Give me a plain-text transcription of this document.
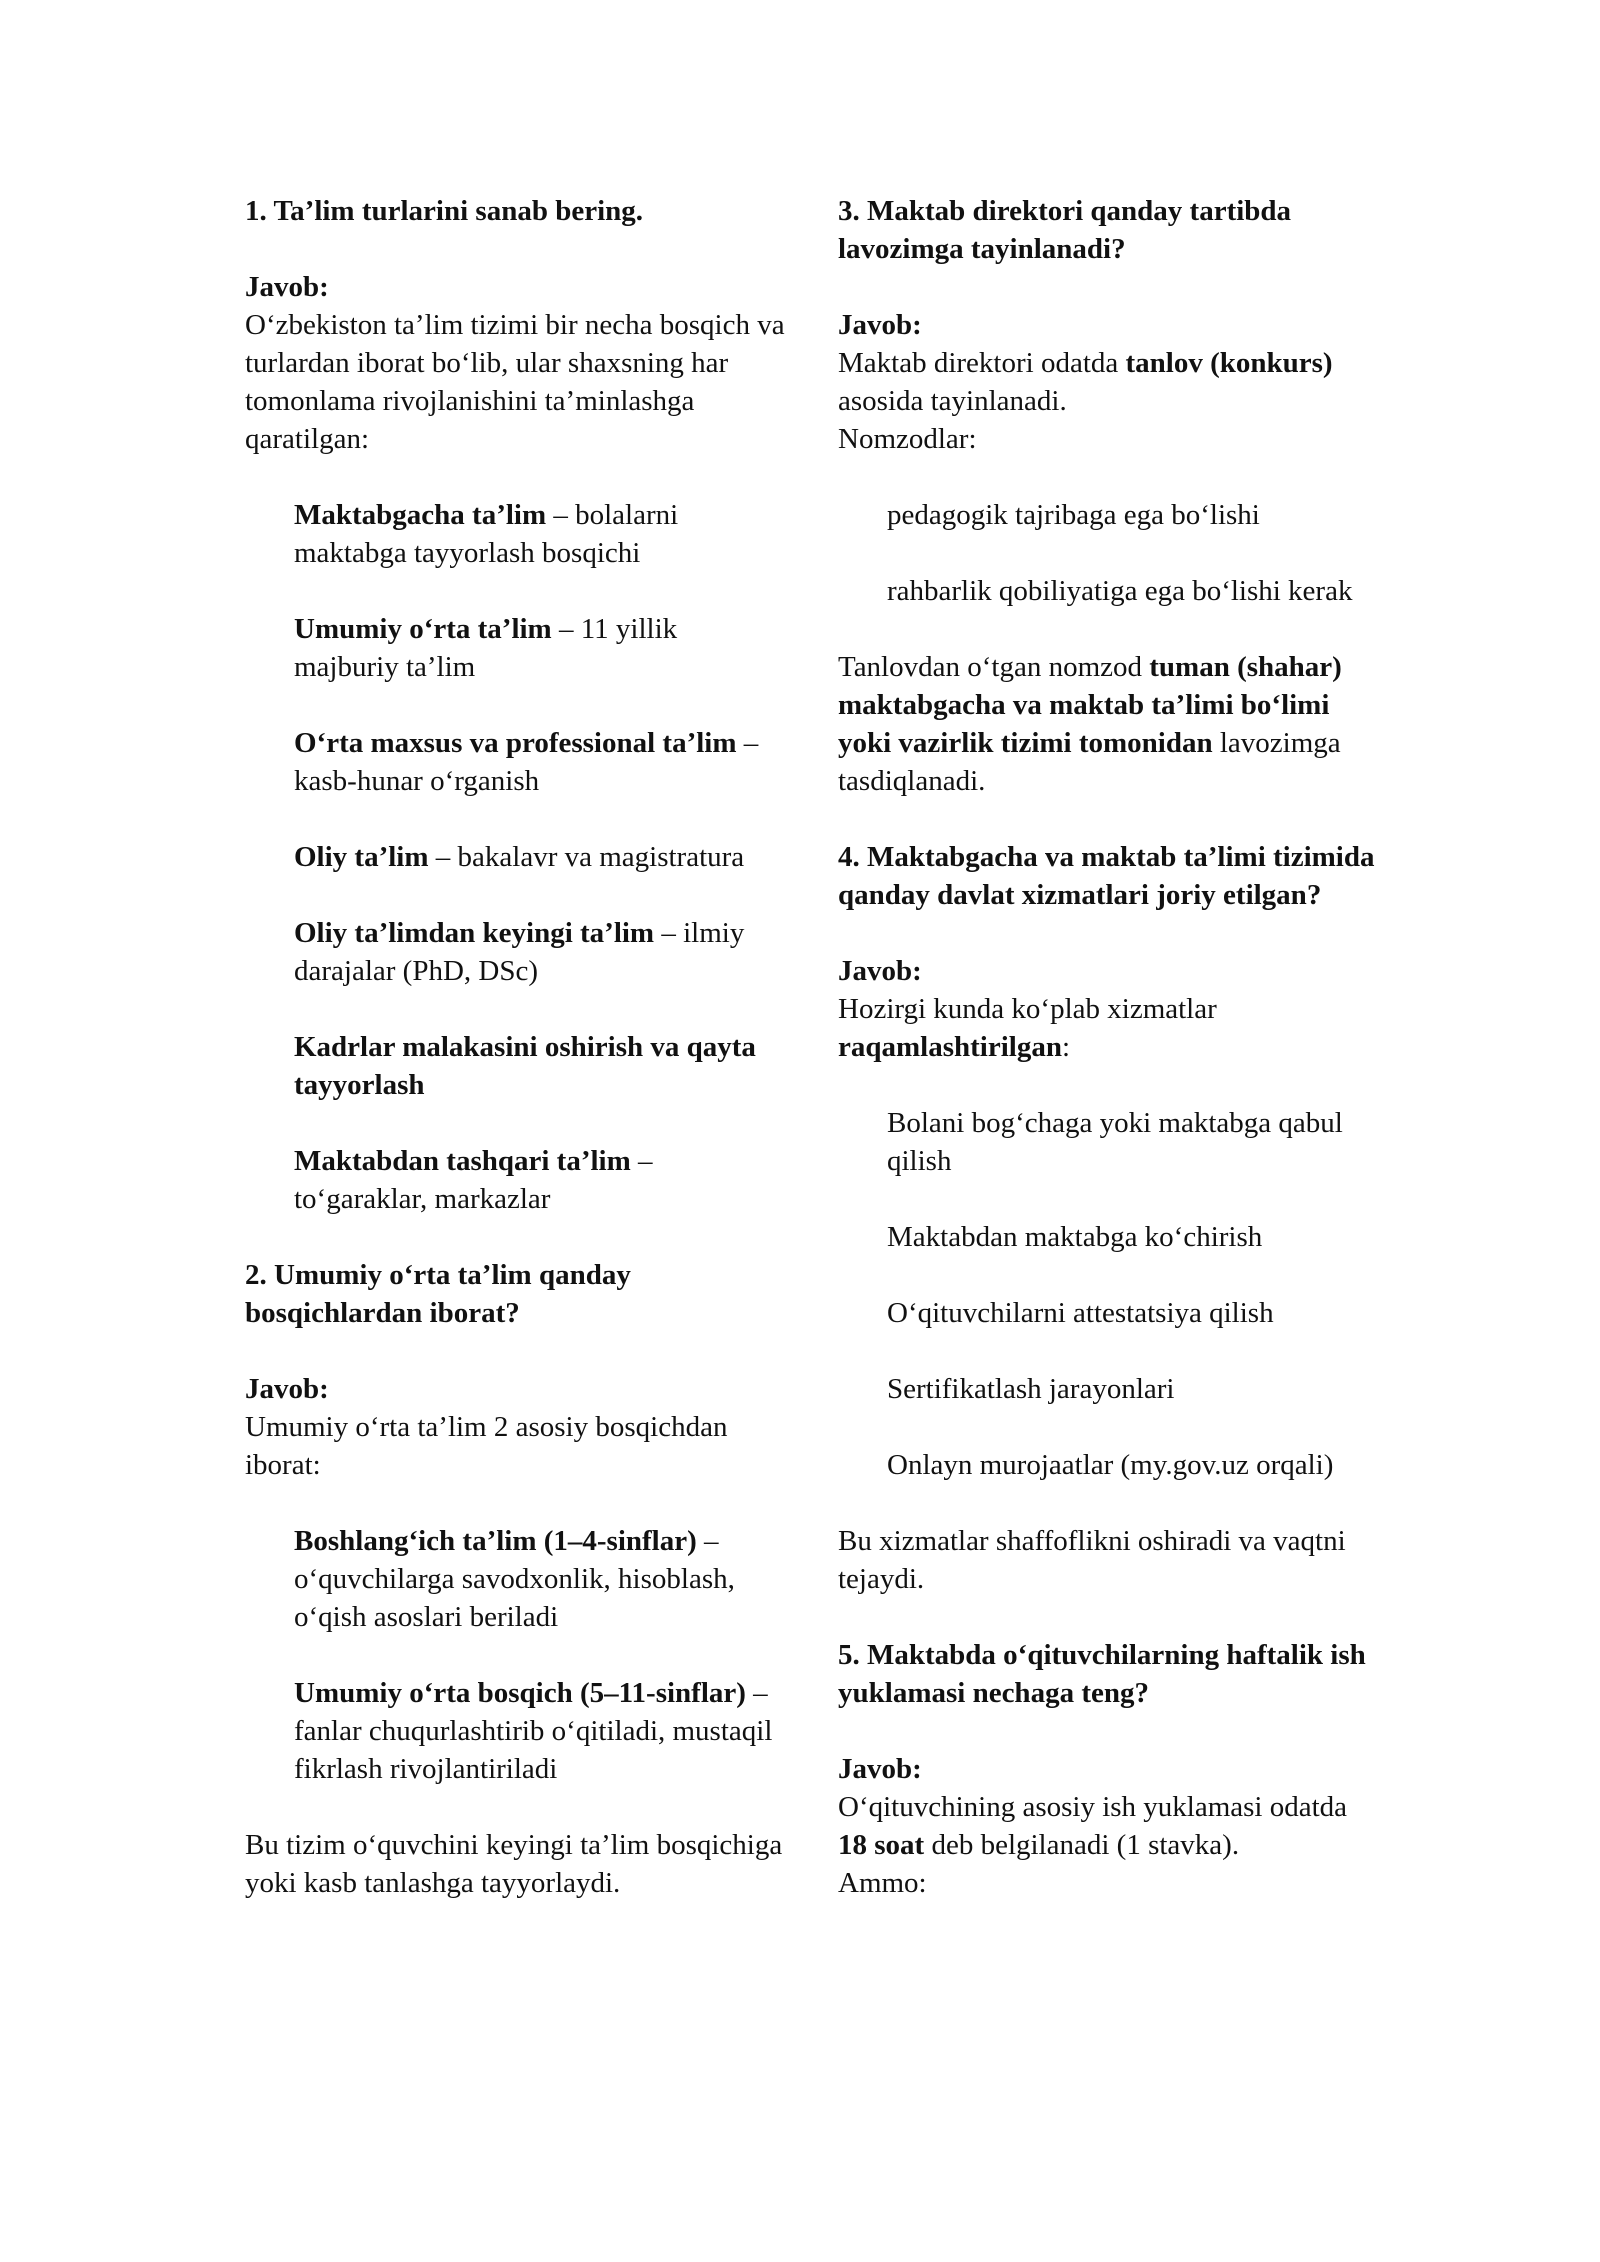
1. Ta’lim turlarini sanab bering.

Javob:

O‘zbekiston ta’lim tizimi bir necha bosqich va turlardan iborat bo‘lib, ular shaxsning har tomonlama rivojlanishini ta’minlashga qaratilgan:

Maktabgacha ta’lim – bolalarni maktabga tayyorlash bosqichi

Umumiy o‘rta ta’lim – 11 yillik majburiy ta’lim

O‘rta maxsus va professional ta’lim – kasb-hunar o‘rganish

Oliy ta’lim – bakalavr va magistratura

Oliy ta’limdan keyingi ta’lim – ilmiy darajalar (PhD, DSc)

Kadrlar malakasini oshirish va qayta tayyorlash

Maktabdan tashqari ta’lim – to‘garaklar, markazlar

2. Umumiy o‘rta ta’lim qanday bosqichlardan iborat?

Javob:

Umumiy o‘rta ta’lim 2 asosiy bosqichdan iborat:

Boshlang‘ich ta’lim (1–4-sinflar) – o‘quvchilarga savodxonlik, hisoblash, o‘qish asoslari beriladi

Umumiy o‘rta bosqich (5–11-sinflar) – fanlar chuqurlashtirib o‘qitiladi, mustaqil fikrlash rivojlantiriladi

Bu tizim o‘quvchini keyingi ta’lim bosqichiga yoki kasb tanlashga tayyorlaydi.

3. Maktab direktori qanday tartibda lavozimga tayinlanadi?

Javob:

Maktab direktori odatda tanlov (konkurs) asosida tayinlanadi.

Nomzodlar:

pedagogik tajribaga ega bo‘lishi

rahbarlik qobiliyatiga ega bo‘lishi kerak

Tanlovdan o‘tgan nomzod tuman (shahar) maktabgacha va maktab ta’limi bo‘limi yoki vazirlik tizimi tomonidan lavozimga tasdiqlanadi.

4. Maktabgacha va maktab ta’limi tizimida qanday davlat xizmatlari joriy etilgan?

Javob:

Hozirgi kunda ko‘plab xizmatlar raqamlashtirilgan:

Bolani bog‘chaga yoki maktabga qabul qilish

Maktabdan maktabga ko‘chirish

O‘qituvchilarni attestatsiya qilish

Sertifikatlash jarayonlari

Onlayn murojaatlar (my.gov.uz orqali)

Bu xizmatlar shaffoflikni oshiradi va vaqtni tejaydi.

5. Maktabda o‘qituvchilarning haftalik ish yuklamasi nechaga teng?

Javob:

O‘qituvchining asosiy ish yuklamasi odatda 18 soat deb belgilanadi (1 stavka).

Ammo:
